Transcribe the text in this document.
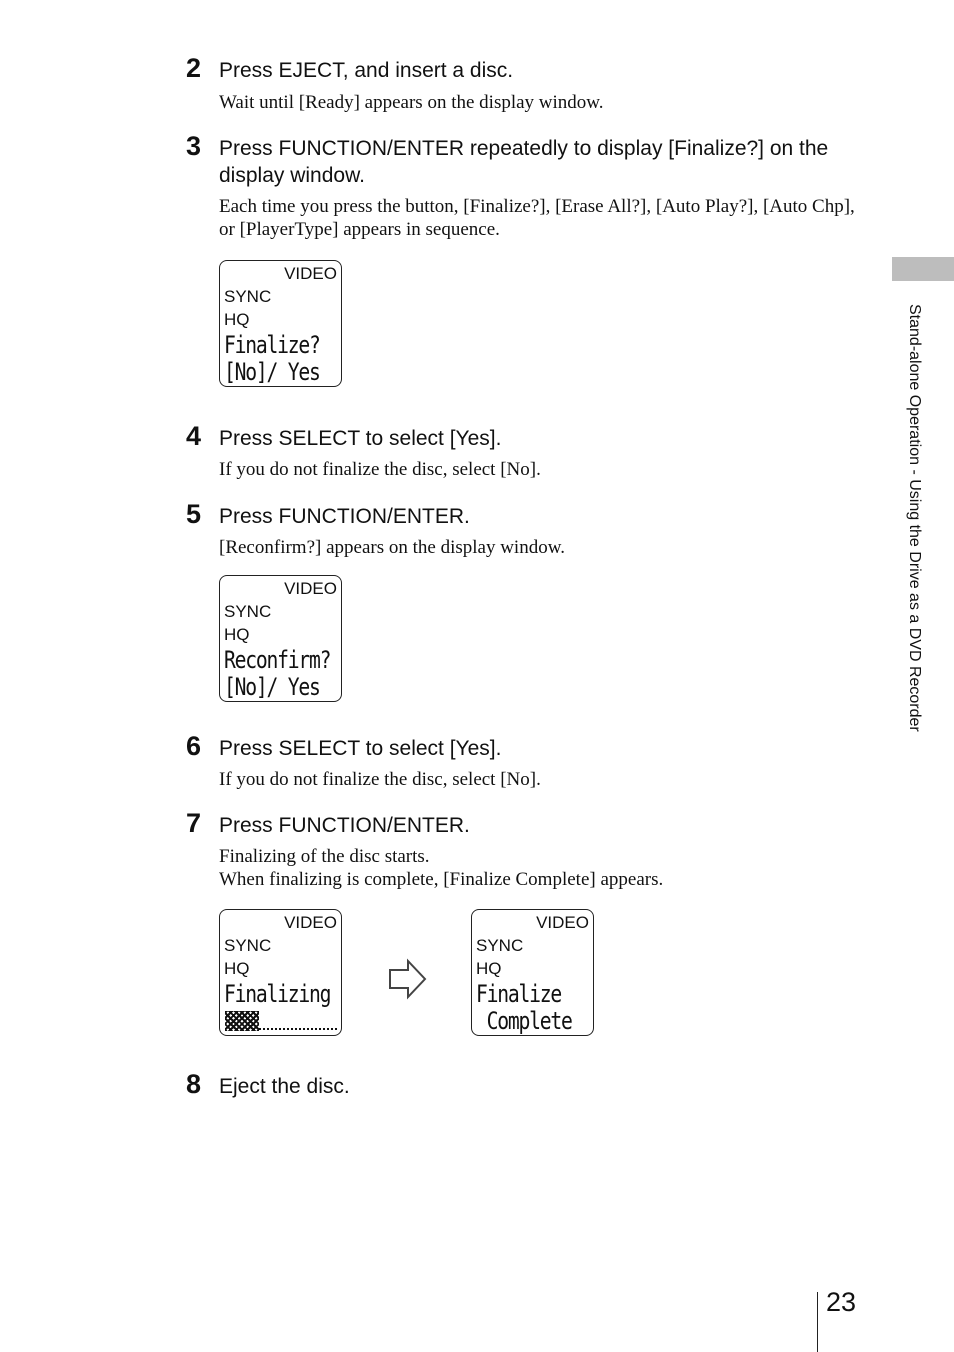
2 Press EJECT, and insert a disc.
Wait until [Ready] appears on the display window.
3 Press FUNCTION/ENTER repeatedly to display [Finalize?] on the display window.
Each time you press the button, [Finalize?], [Erase All?], [Auto Play?], [Auto Chp], or [PlayerType] appears in sequence.
VIDEO
SYNC
HQ
Finalize?
[No]/ Yes
4 Press SELECT to select [Yes].
If you do not finalize the disc, select [No].
5 Press FUNCTION/ENTER.
[Reconfirm?] appears on the display window.
VIDEO
SYNC
HQ
Reconfirm?
[No]/ Yes
6 Press SELECT to select [Yes].
If you do not finalize the disc, select [No].
7 Press FUNCTION/ENTER.
Finalizing of the disc starts.
When finalizing is complete, [Finalize Complete] appears.
VIDEO
SYNC
HQ
Finalizing
VIDEO
SYNC
HQ
Finalize
Complete
8 Eject the disc.
Stand-alone Operation - Using the Drive as a DVD Recorder
23
